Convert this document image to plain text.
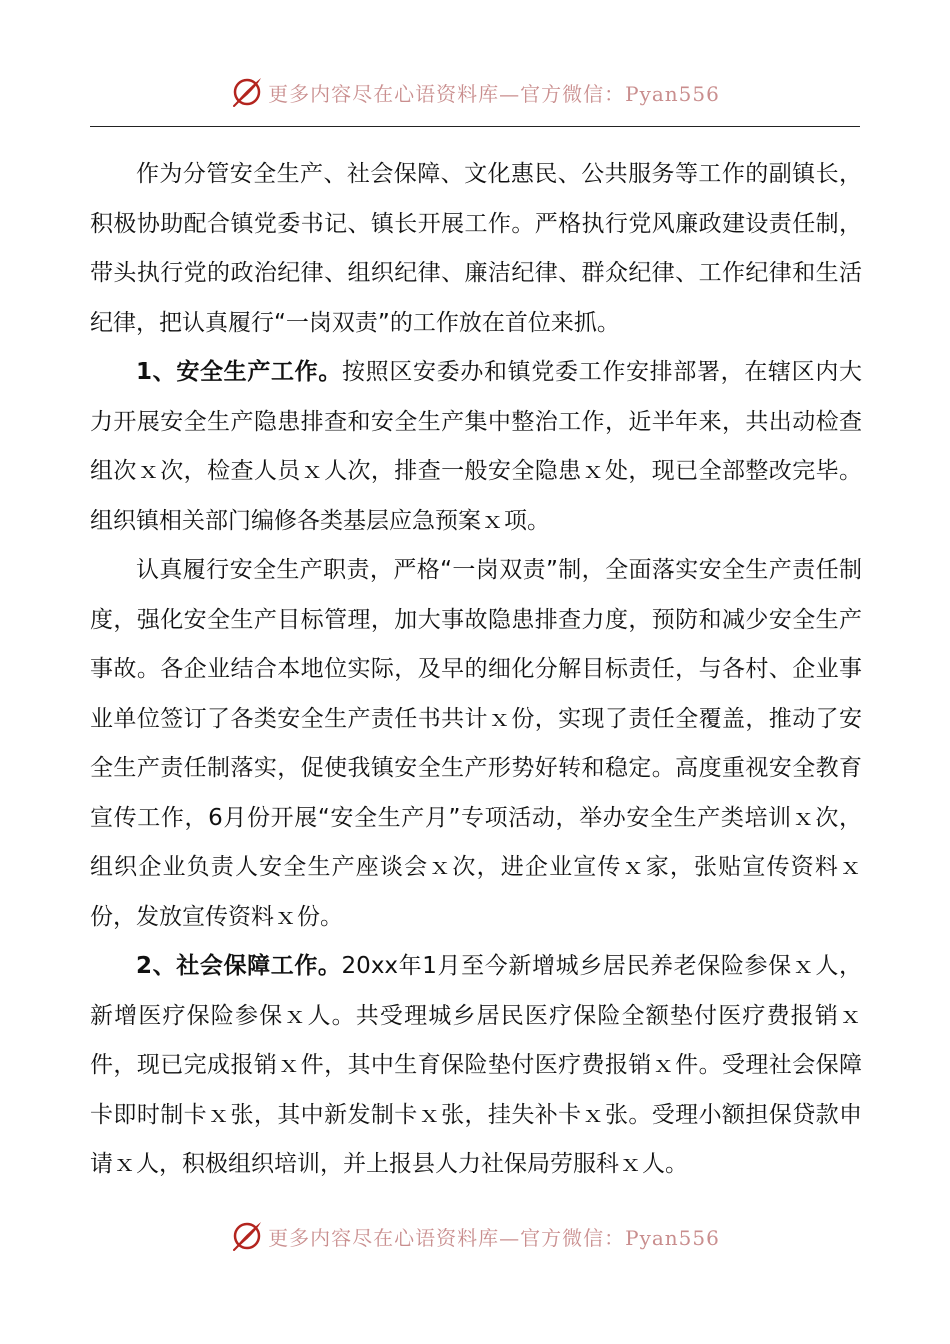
更多内容尽在心语资料库—官方微信：Pyan556

作为分管安全生产、社会保障、文化惠民、公共服务等工作的副镇长，积极协助配合镇党委书记、镇长开展工作。严格执行党风廉政建设责任制，带头执行党的政治纪律、组织纪律、廉洁纪律、群众纪律、工作纪律和生活纪律，把认真履行“一岗双责”的工作放在首位来抓。

1、安全生产工作。按照区安委办和镇党委工作安排部署，在辖区内大力开展安全生产隐患排查和安全生产集中整治工作，近半年来，共出动检查组次ｘ次，检查人员ｘ人次，排查一般安全隐患ｘ处，现已全部整改完毕。组织镇相关部门编修各类基层应急预案ｘ项。

认真履行安全生产职责，严格“一岗双责”制，全面落实安全生产责任制度，强化安全生产目标管理，加大事故隐患排查力度，预防和减少安全生产事故。各企业结合本地位实际，及早的细化分解目标责任，与各村、企业事业单位签订了各类安全生产责任书共计ｘ份，实现了责任全覆盖，推动了安全生产责任制落实，促使我镇安全生产形势好转和稳定。高度重视安全教育宣传工作，6月份开展“安全生产月”专项活动，举办安全生产类培训ｘ次，组织企业负责人安全生产座谈会ｘ次，进企业宣传ｘ家，张贴宣传资料ｘ份，发放宣传资料ｘ份。

2、社会保障工作。20xx年1月至今新增城乡居民养老保险参保ｘ人，新增医疗保险参保ｘ人。共受理城乡居民医疗保险全额垫付医疗费报销ｘ件，现已完成报销ｘ件，其中生育保险垫付医疗费报销ｘ件。受理社会保障卡即时制卡ｘ张，其中新发制卡ｘ张，挂失补卡ｘ张。受理小额担保贷款申请ｘ人，积极组织培训，并上报县人力社保局劳服科ｘ人。

更多内容尽在心语资料库—官方微信：Pyan556
